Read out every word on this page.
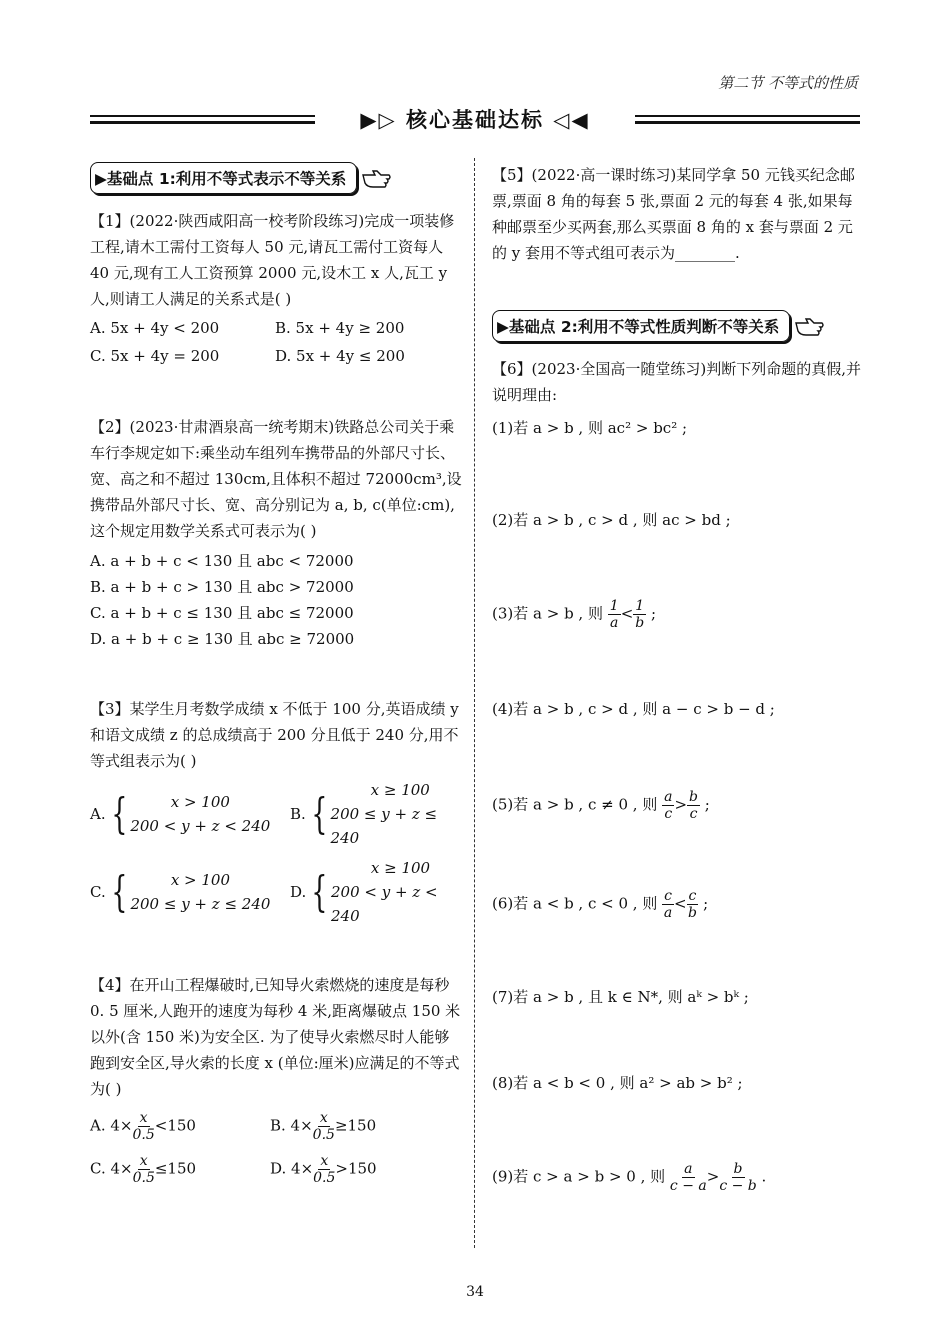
第二节 不等式的性质
▶▷ 核心基础达标 ◁◀
▶基础点 1:利用不等式表示不等关系

【1】(2022·陕西咸阳高一校考阶段练习)完成一项装修工程,请木工需付工资每人 50 元,请瓦工需付工资每人 40 元,现有工人工资预算 2000 元,设木工 x 人,瓦工 y 人,则请工人满足的关系式是( )

A. 5x + 4y < 200	B. 5x + 4y ≥ 200
C. 5x + 4y = 200	D. 5x + 4y ≤ 200

【2】(2023·甘肃酒泉高一统考期末)铁路总公司关于乘车行李规定如下:乘坐动车组列车携带品的外部尺寸长、宽、高之和不超过 130cm,且体积不超过 72000cm³,设携带品外部尺寸长、宽、高分别记为 a, b, c(单位:cm),这个规定用数学关系式可表示为( )

A. a + b + c < 130 且 abc < 72000
B. a + b + c > 130 且 abc > 72000
C. a + b + c ≤ 130 且 abc ≤ 72000
D. a + b + c ≥ 130 且 abc ≥ 72000

【3】某学生月考数学成绩 x 不低于 100 分,英语成绩 y 和语文成绩 z 的总成绩高于 200 分且低于 240 分,用不等式组表示为( )

A. {	x > 100
200 < y + z < 240
B. {	x ≥ 100
200 ≤ y + z ≤ 240
C. {	x > 100
200 ≤ y + z ≤ 240
D. {	x ≥ 100
200 < y + z < 240

【4】在开山工程爆破时,已知导火索燃烧的速度是每秒 0. 5 厘米,人跑开的速度为每秒 4 米,距离爆破点 150 米以外(含 150 米)为安全区. 为了使导火索燃尽时人能够跑到安全区,导火索的长度 x (单位:厘米)应满足的不等式为( )

A. $4\times \frac{x}{0.5} <150$	B. $4\times \frac{x}{0.5} \ge 150$
C. $4\times \frac{x}{0.5} \le 150$	D. $4\times \frac{x}{0.5} >150$

【5】(2022·高一课时练习)某同学拿 50 元钱买纪念邮票,票面 8 角的每套 5 张,票面 2 元的每套 4 张,如果每种邮票至少买两套,那么买票面 8 角的 x 套与票面 2 元的 y 套用不等式组可表示为________.

▶基础点 2:利用不等式性质判断不等关系

【6】(2023·全国高一随堂练习)判断下列命题的真假,并说明理由:

(1)若 a > b , 则 ac² > bc² ;
(2)若 a > b , c > d , 则 ac > bd ;
(3)若 a > b , 则 $\frac{1}{a} < \frac{1}{b}$ ;
(4)若 a > b , c > d , 则 a − c > b − d ;
(5)若 a > b , c ≠ 0 , 则 $\frac{a}{c} > \frac{b}{c}$ ;
(6)若 a < b , c < 0 , 则 $\frac{c}{a} < \frac{c}{b}$ ;
(7)若 a > b , 且 k ∈ N*, 则 aᵏ > bᵏ ;
(8)若 a < b < 0 , 则 a² > ab > b² ;
(9)若 c > a > b > 0 , 则 $\frac{a}{c - a} > \frac{b}{c - b}$ .
34
